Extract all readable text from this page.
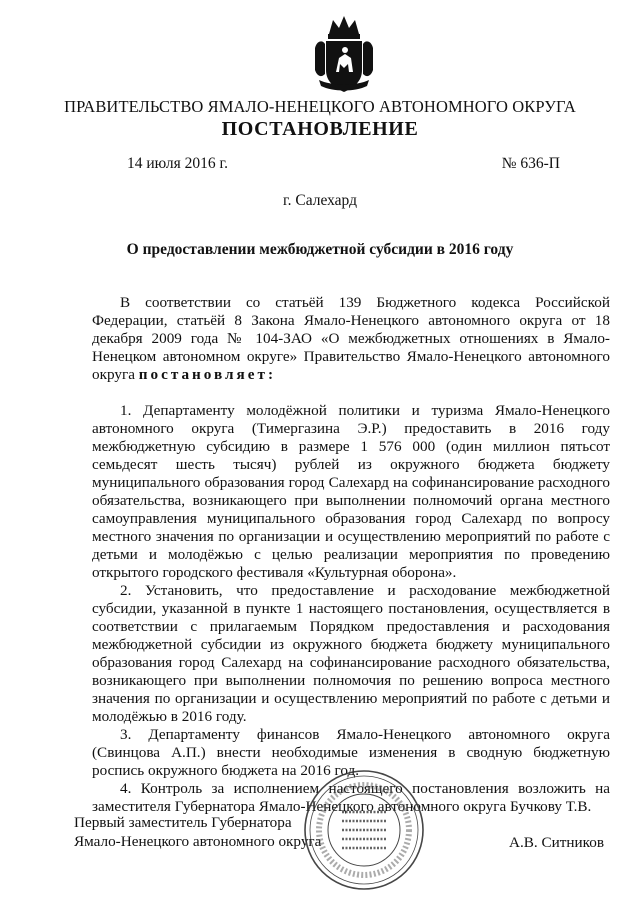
ПРАВИТЕЛЬСТВО ЯМАЛО-НЕНЕЦКОГО АВТОНОМНОГО ОКРУГА
ПОСТАНОВЛЕНИЕ
14 июля 2016 г.	№ 636-П
г. Салехард
О предоставлении межбюджетной субсидии в 2016 году

В соответствии со статьёй 139 Бюджетного кодекса Российской Федерации, статьёй 8 Закона Ямало-Ненецкого автономного округа от 18 декабря 2009 года № 104-ЗАО «О межбюджетных отношениях в Ямало-Ненецком автономном округе» Правительство Ямало-Ненецкого автономного округа постановляет:

1. Департаменту молодёжной политики и туризма Ямало-Ненецкого автономного округа (Тимергазина Э.Р.) предоставить в 2016 году межбюджетную субсидию в размере 1 576 000 (один миллион пятьсот семьдесят шесть тысяч) рублей из окружного бюджета бюджету муниципального образования город Салехард на софинансирование расходного обязательства, возникающего при выполнении полномочий органа местного самоуправления муниципального образования город Салехард по вопросу местного значения по организации и осуществлению мероприятий по работе с детьми и молодёжью с целью реализации мероприятия по проведению открытого городского фестиваля «Культурная оборона».

2. Установить, что предоставление и расходование межбюджетной субсидии, указанной в пункте 1 настоящего постановления, осуществляется в соответствии с прилагаемым Порядком предоставления и расходования межбюджетной субсидии из окружного бюджета бюджету муниципального образования город Салехард на софинансирование расходного обязательства, возникающего при выполнении полномочия по решению вопроса местного значения по организации и осуществлению мероприятий по работе с детьми и молодёжью в 2016 году.

3. Департаменту финансов Ямало-Ненецкого автономного округа (Свинцова А.П.) внести необходимые изменения в сводную бюджетную роспись окружного бюджета на 2016 год.

4. Контроль за исполнением настоящего постановления возложить на заместителя Губернатора Ямало-Ненецкого автономного округа Бучкову Т.В.

Первый заместитель Губернатора
Ямало-Ненецкого автономного округа	А.В. Ситников
